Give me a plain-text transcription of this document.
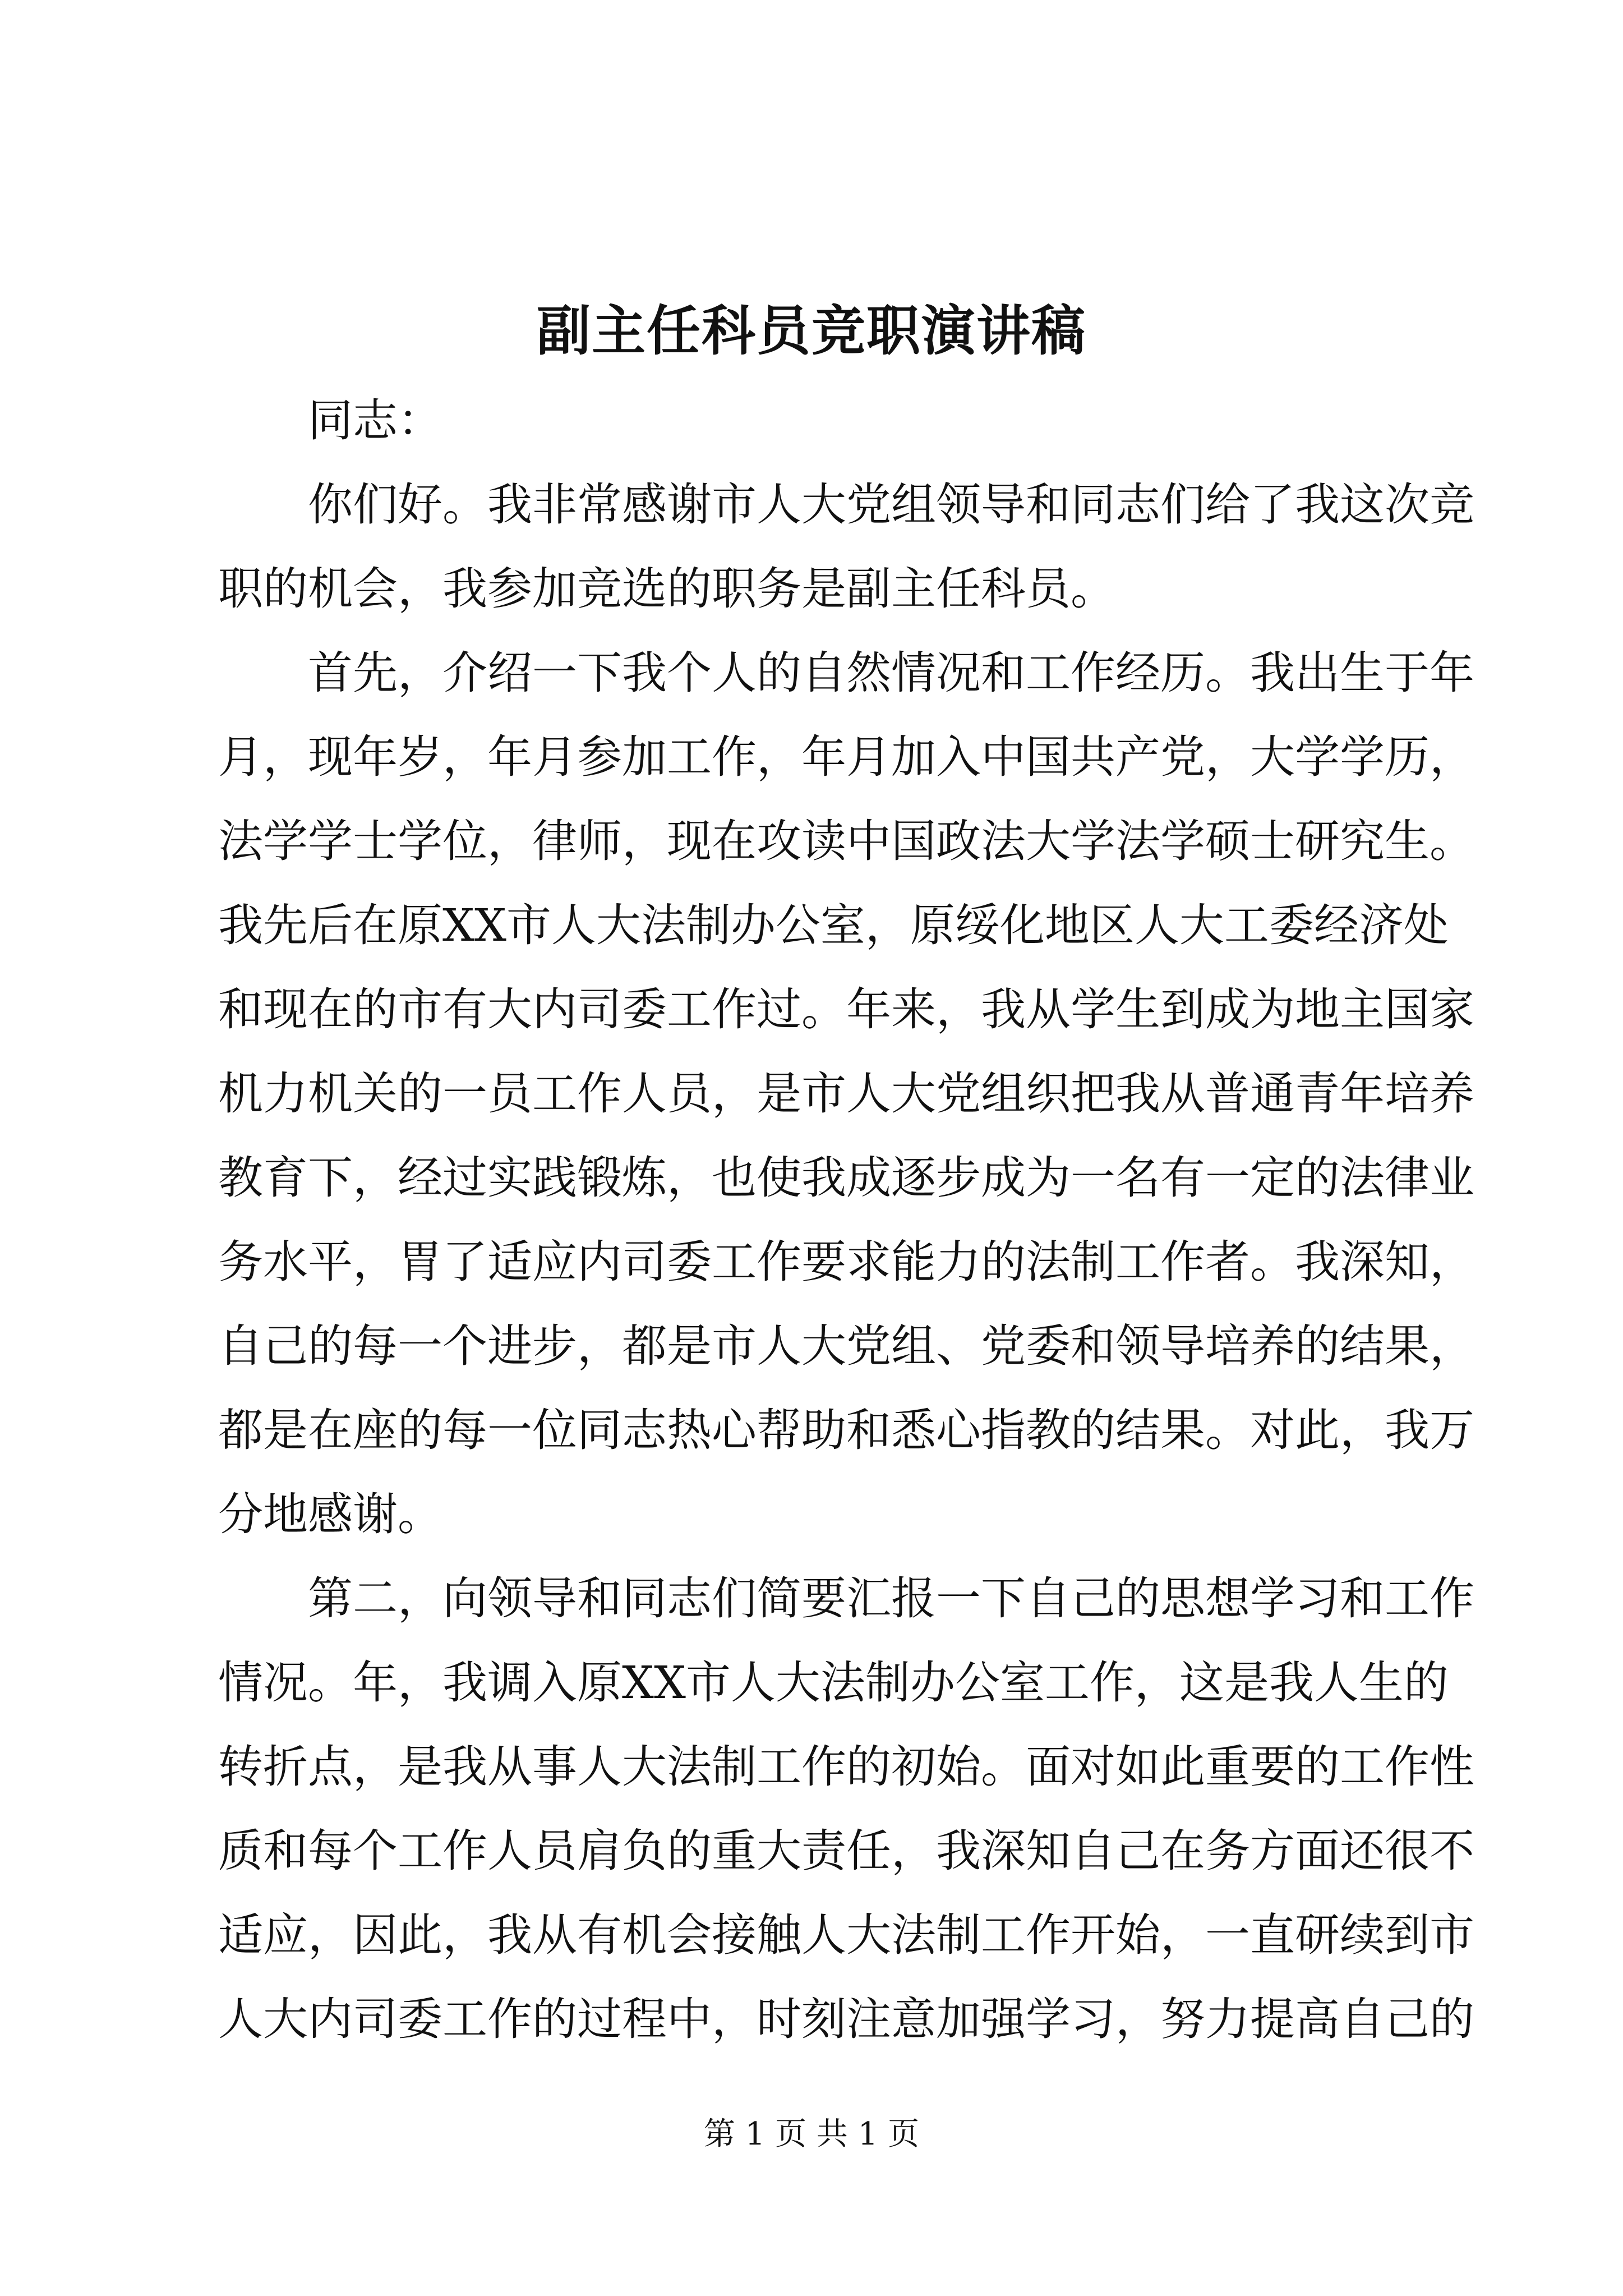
副主任科员竞职演讲稿
同志：
你们好。我非常感谢市人大党组领导和同志们给了我这次竞
职的机会，我参加竞选的职务是副主任科员。
首先，介绍一下我个人的自然情况和工作经历。我出生于年
月，现年岁，年月参加工作，年月加入中国共产党，大学学历，
法学学士学位，律师，现在攻读中国政法大学法学硕士研究生。
我先后在原XX市人大法制办公室，原绥化地区人大工委经济处
和现在的市有大内司委工作过。年来，我从学生到成为地主国家
机力机关的一员工作人员，是市人大党组织把我从普通青年培养
教育下，经过实践锻炼，也使我成逐步成为一名有一定的法律业
务水平，胃了适应内司委工作要求能力的法制工作者。我深知，
自己的每一个进步，都是市人大党组、党委和领导培养的结果，
都是在座的每一位同志热心帮助和悉心指教的结果。对此，我万
分地感谢。
第二，向领导和同志们简要汇报一下自己的思想学习和工作
情况。年，我调入原XX市人大法制办公室工作，这是我人生的
转折点，是我从事人大法制工作的初始。面对如此重要的工作性
质和每个工作人员肩负的重大责任，我深知自己在务方面还很不
适应，因此，我从有机会接触人大法制工作开始，一直研续到市
人大内司委工作的过程中，时刻注意加强学习，努力提高自己的
第 1 页 共 1 页
